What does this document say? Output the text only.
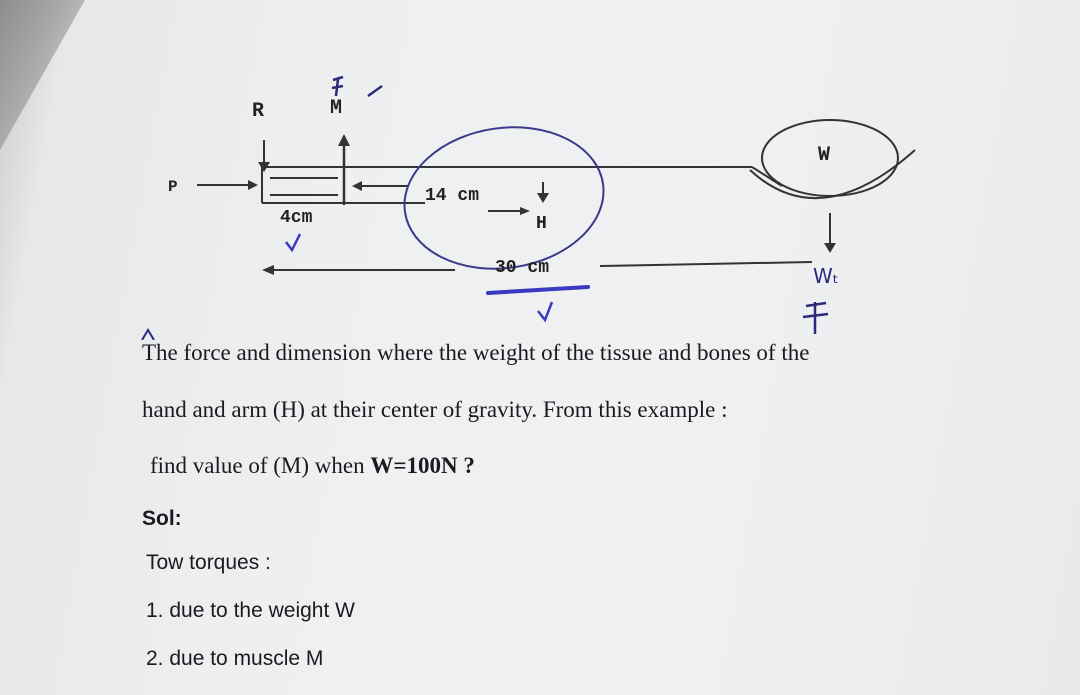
R	M
P
4cm
14 cm
H
30 cm
W
Wₜ
The force and dimension where the weight of the tissue and bones of the
hand and arm (H) at their center of gravity. From this example :
find value of (M) when W=100N ?
Sol:
Tow torques :
1. due to the weight W
2. due to muscle M
